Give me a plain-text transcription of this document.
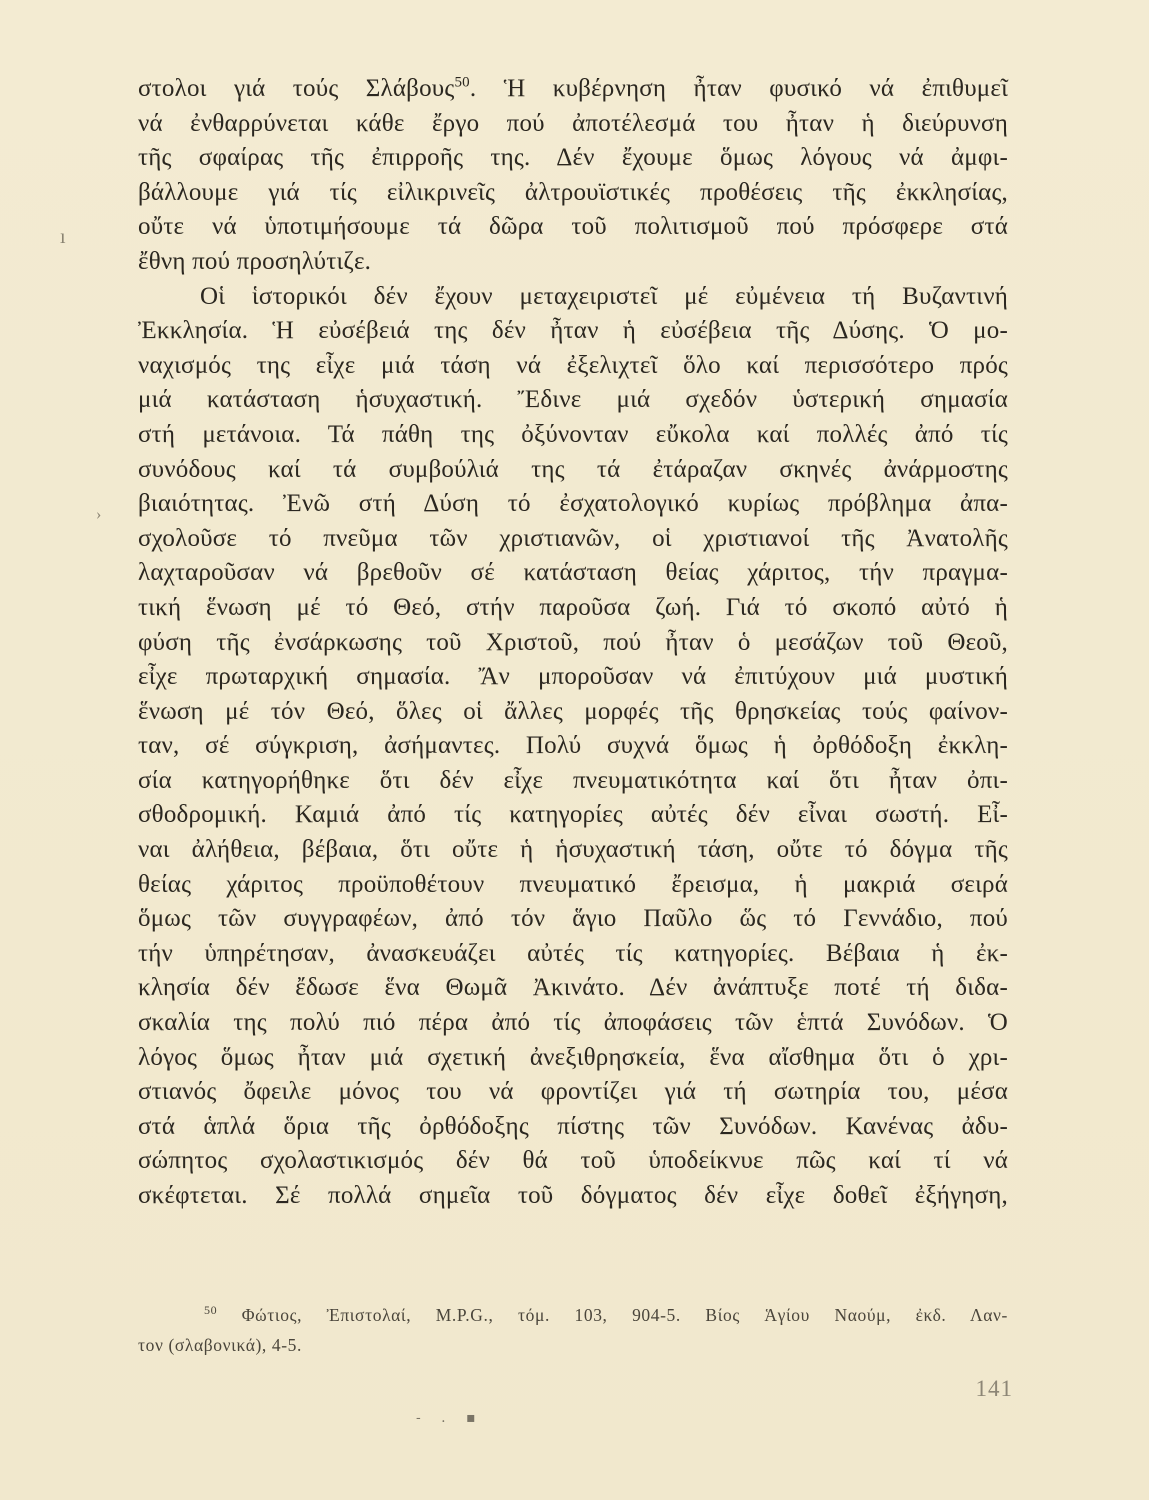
στολοι γιά τούς Σλάβους$^{50}$. Ἡ κυβέρνηση ἦταν φυσικό νά ἐπιθυμεῖ
νά ἐνθαρρύνεται κάθε ἔργο πού ἀποτέλεσμά του ἦταν ἡ διεύρυνση
τῆς σφαίρας τῆς ἐπιρροῆς της. Δέν ἔχουμε ὅμως λόγους νά ἀμφι-
βάλλουμε γιά τίς εἰλικρινεῖς ἀλτρουϊστικές προθέσεις τῆς ἐκκλησίας,
οὔτε νά ὑποτιμήσουμε τά δῶρα τοῦ πολιτισμοῦ πού πρόσφερε στά
ἔθνη πού προσηλύτιζε.
Οἱ ἱστορικόι δέν ἔχουν μεταχειριστεῖ μέ εὐμένεια τή Βυζαντινή
Ἐκκλησία. Ἡ εὐσέβειά της δέν ἦταν ἡ εὐσέβεια τῆς Δύσης. Ὁ μο-
ναχισμός της εἶχε μιά τάση νά ἐξελιχτεῖ ὅλο καί περισσότερο πρός
μιά κατάσταση ἡσυχαστική. Ἔδινε μιά σχεδόν ὑστερική σημασία
στή μετάνοια. Τά πάθη της ὀξύνονταν εὔκολα καί πολλές ἀπό τίς
συνόδους καί τά συμβούλιά της τά ἐτάραζαν σκηνές ἀνάρμοστης
βιαιότητας. Ἐνῶ στή Δύση τό ἐσχατολογικό κυρίως πρόβλημα ἀπα-
σχολοῦσε τό πνεῦμα τῶν χριστιανῶν, οἱ χριστιανοί τῆς Ἀνατολῆς
λαχταροῦσαν νά βρεθοῦν σέ κατάσταση θείας χάριτος, τήν πραγμα-
τική ἕνωση μέ τό Θεό, στήν παροῦσα ζωή. Γιά τό σκοπό αὐτό ἡ
φύση τῆς ἐνσάρκωσης τοῦ Χριστοῦ, πού ἦταν ὁ μεσάζων τοῦ Θεοῦ,
εἶχε πρωταρχική σημασία. Ἄν μποροῦσαν νά ἐπιτύχουν μιά μυστική
ἕνωση μέ τόν Θεό, ὅλες οἱ ἄλλες μορφές τῆς θρησκείας τούς φαίνον-
ταν, σέ σύγκριση, ἀσήμαντες. Πολύ συχνά ὅμως ἡ ὀρθόδοξη ἐκκλη-
σία κατηγορήθηκε ὅτι δέν εἶχε πνευματικότητα καί ὅτι ἦταν ὀπι-
σθοδρομική. Καμιά ἀπό τίς κατηγορίες αὐτές δέν εἶναι σωστή. Εἶ-
ναι ἀλήθεια, βέβαια, ὅτι οὔτε ἡ ἡσυχαστική τάση, οὔτε τό δόγμα τῆς
θείας χάριτος προϋποθέτουν πνευματικό ἔρεισμα, ἡ μακριά σειρά
ὅμως τῶν συγγραφέων, ἀπό τόν ἅγιο Παῦλο ὥς τό Γεννάδιο, πού
τήν ὑπηρέτησαν, ἀνασκευάζει αὐτές τίς κατηγορίες. Βέβαια ἡ ἐκ-
κλησία δέν ἔδωσε ἕνα Θωμᾶ Ἀκινάτο. Δέν ἀνάπτυξε ποτέ τή διδα-
σκαλία της πολύ πιό πέρα ἀπό τίς ἀποφάσεις τῶν ἑπτά Συνόδων. Ὁ
λόγος ὅμως ἦταν μιά σχετική ἀνεξιθρησκεία, ἕνα αἴσθημα ὅτι ὁ χρι-
στιανός ὄφειλε μόνος του νά φροντίζει γιά τή σωτηρία του, μέσα
στά ἁπλά ὅρια τῆς ὀρθόδοξης πίστης τῶν Συνόδων. Κανένας ἀδυ-
σώπητος σχολαστικισμός δέν θά τοῦ ὑποδείκνυε πῶς καί τί νά
σκέφτεται. Σέ πολλά σημεῖα τοῦ δόγματος δέν εἶχε δοθεῖ ἐξήγηση,
$^{50}$ Φώτιος, Ἐπιστολαί, M.P.G., τόμ. 103, 904-5. Βίος Ἁγίου Ναούμ, ἐκδ. Λαν-
τον (σλαβονικά), 4-5.
141
ı
›
- . ▪
